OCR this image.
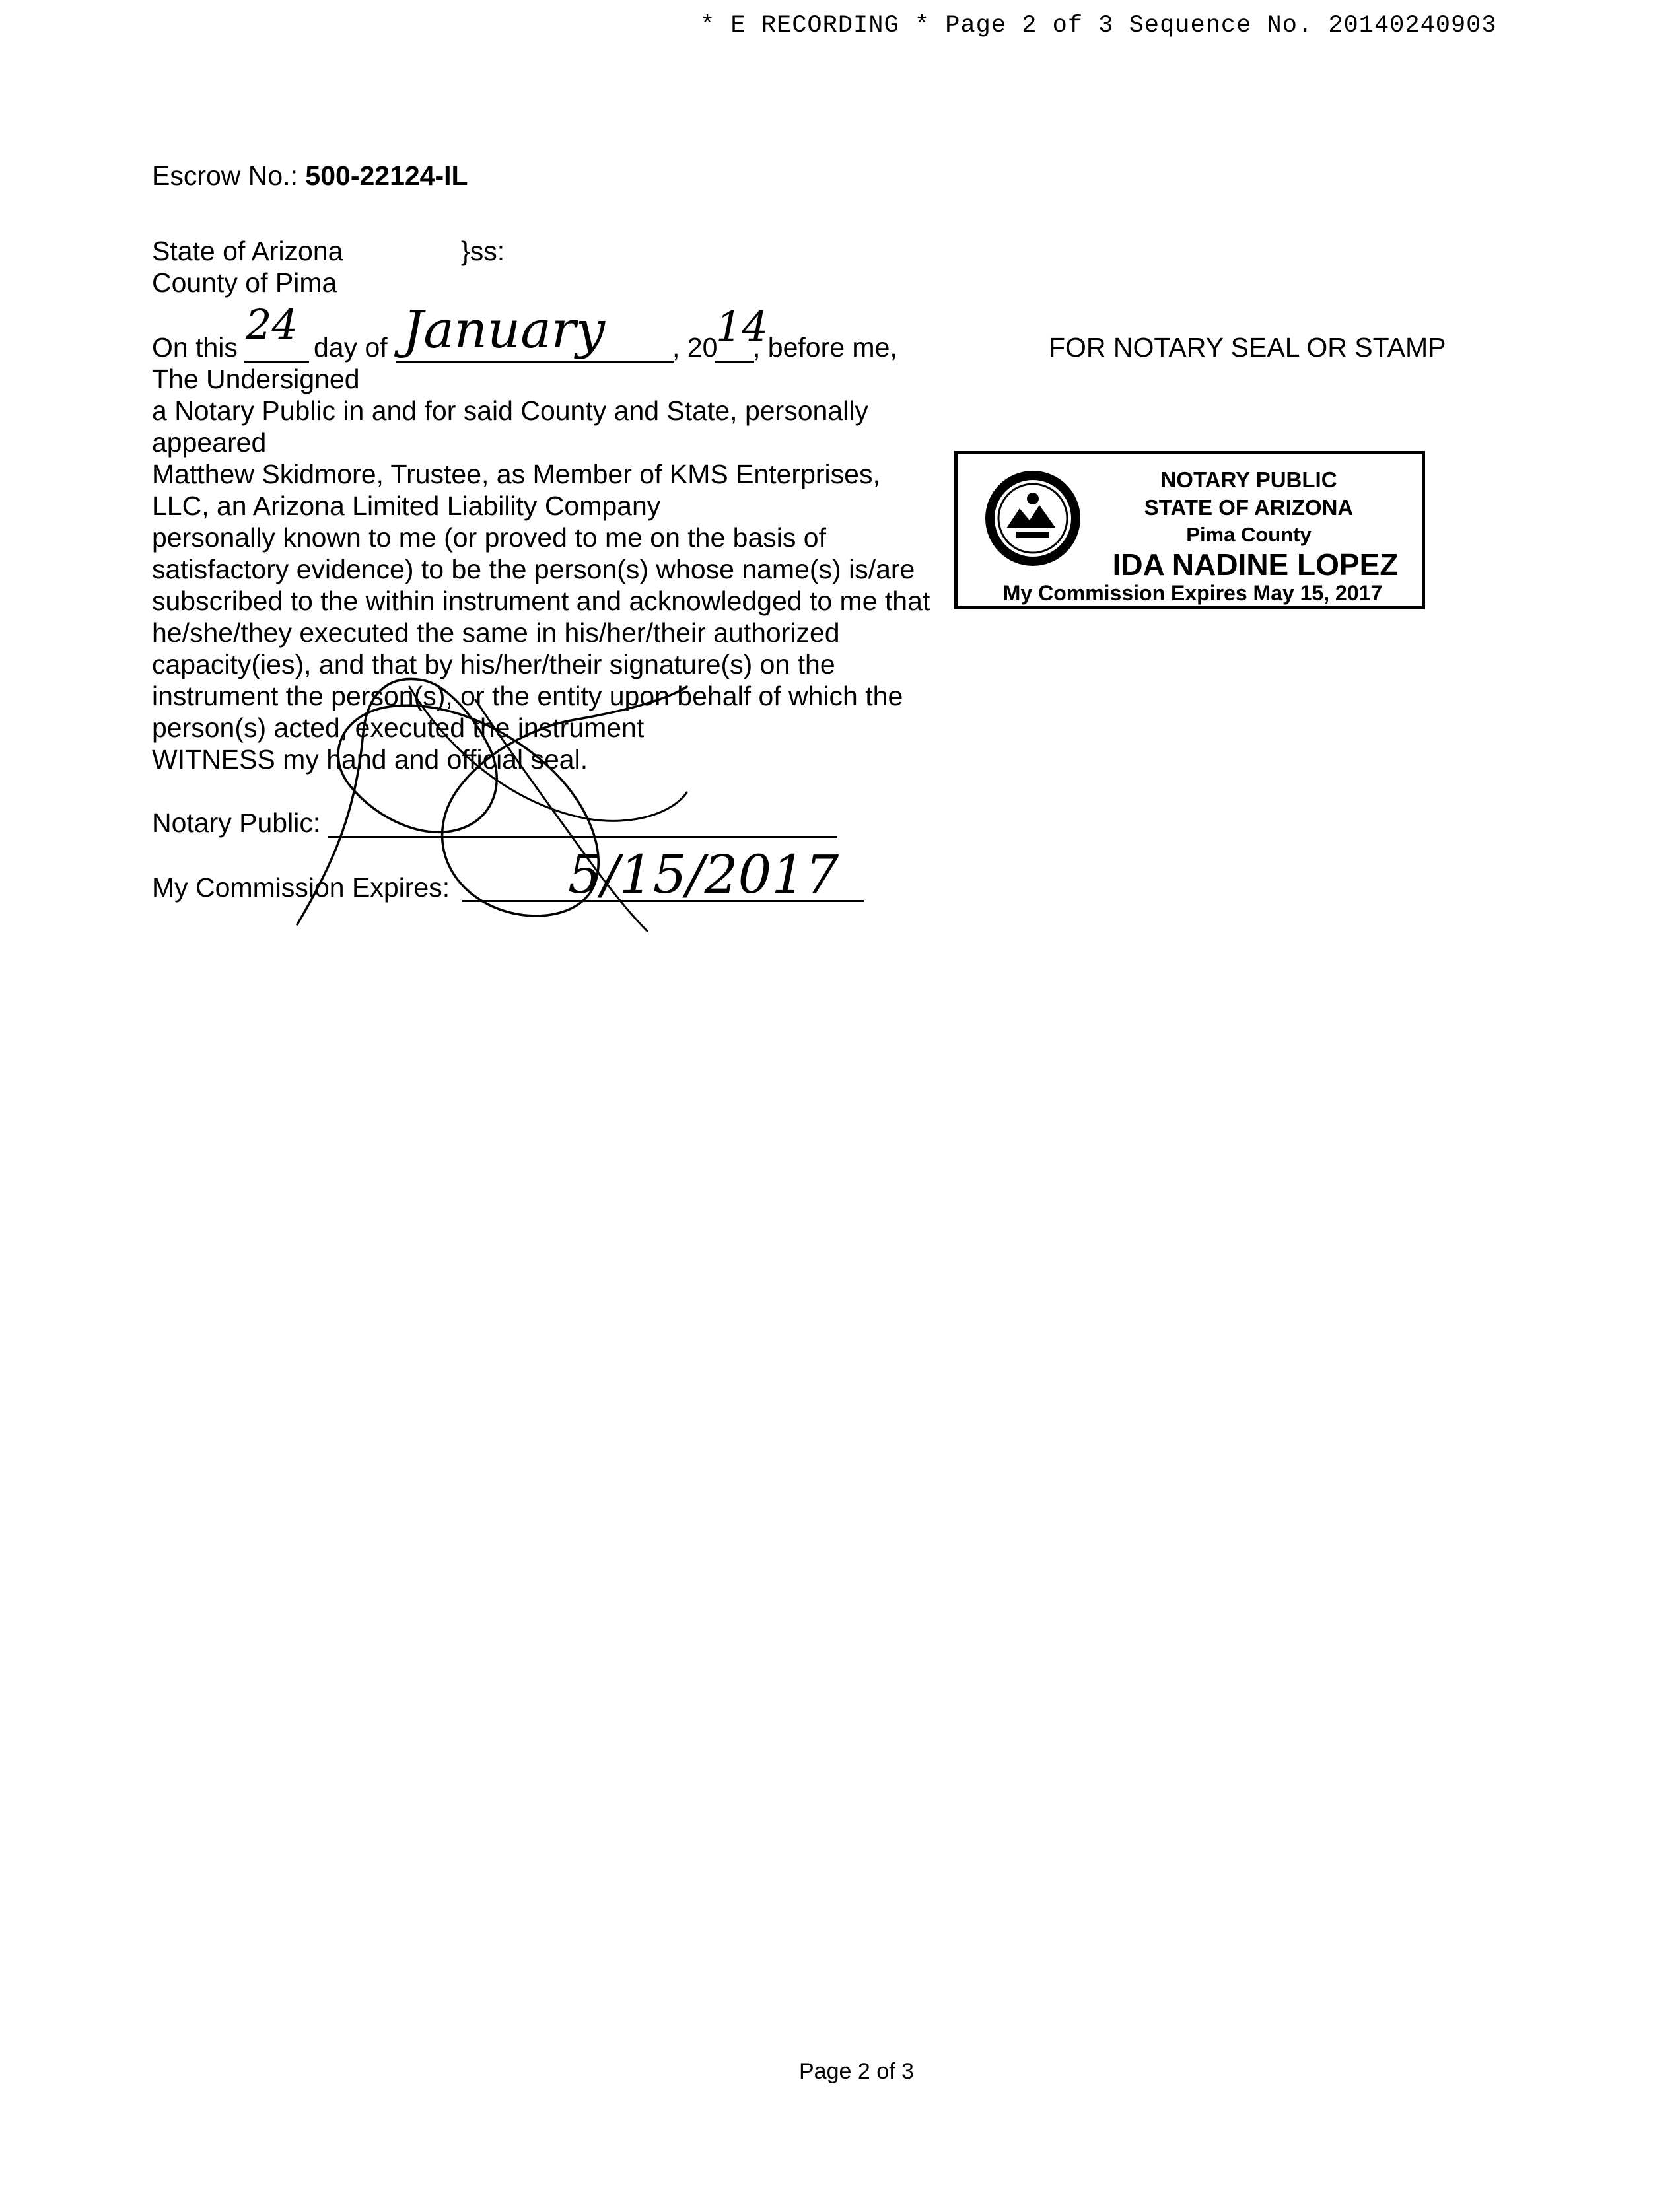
* E RECORDING * Page 2 of 3 Sequence No. 20140240903
Escrow No.: 500-22124-IL
State of Arizona	}ss:
County of Pima
On this 24 day of January , 20
14
, before me,
The Undersigned
a Notary Public in and for said County and State, personally
appeared
Matthew Skidmore, Trustee, as Member of KMS Enterprises,
LLC, an Arizona Limited Liability Company
personally known to me (or proved to me on the basis of
satisfactory evidence) to be the person(s) whose name(s) is/are
subscribed to the within instrument and acknowledged to me that
he/she/they executed the same in his/her/their authorized
capacity(ies), and that by his/her/their signature(s) on the
instrument the person(s), or the entity upon behalf of which the
person(s) acted, executed the instrument
WITNESS my hand and official seal.
Notary Public:
My Commission Expires: 5/15/2017
FOR NOTARY SEAL OR STAMP
NOTARY PUBLIC
STATE OF ARIZONA
Pima County
IDA NADINE LOPEZ
My Commission Expires May 15, 2017
Page 2 of 3
